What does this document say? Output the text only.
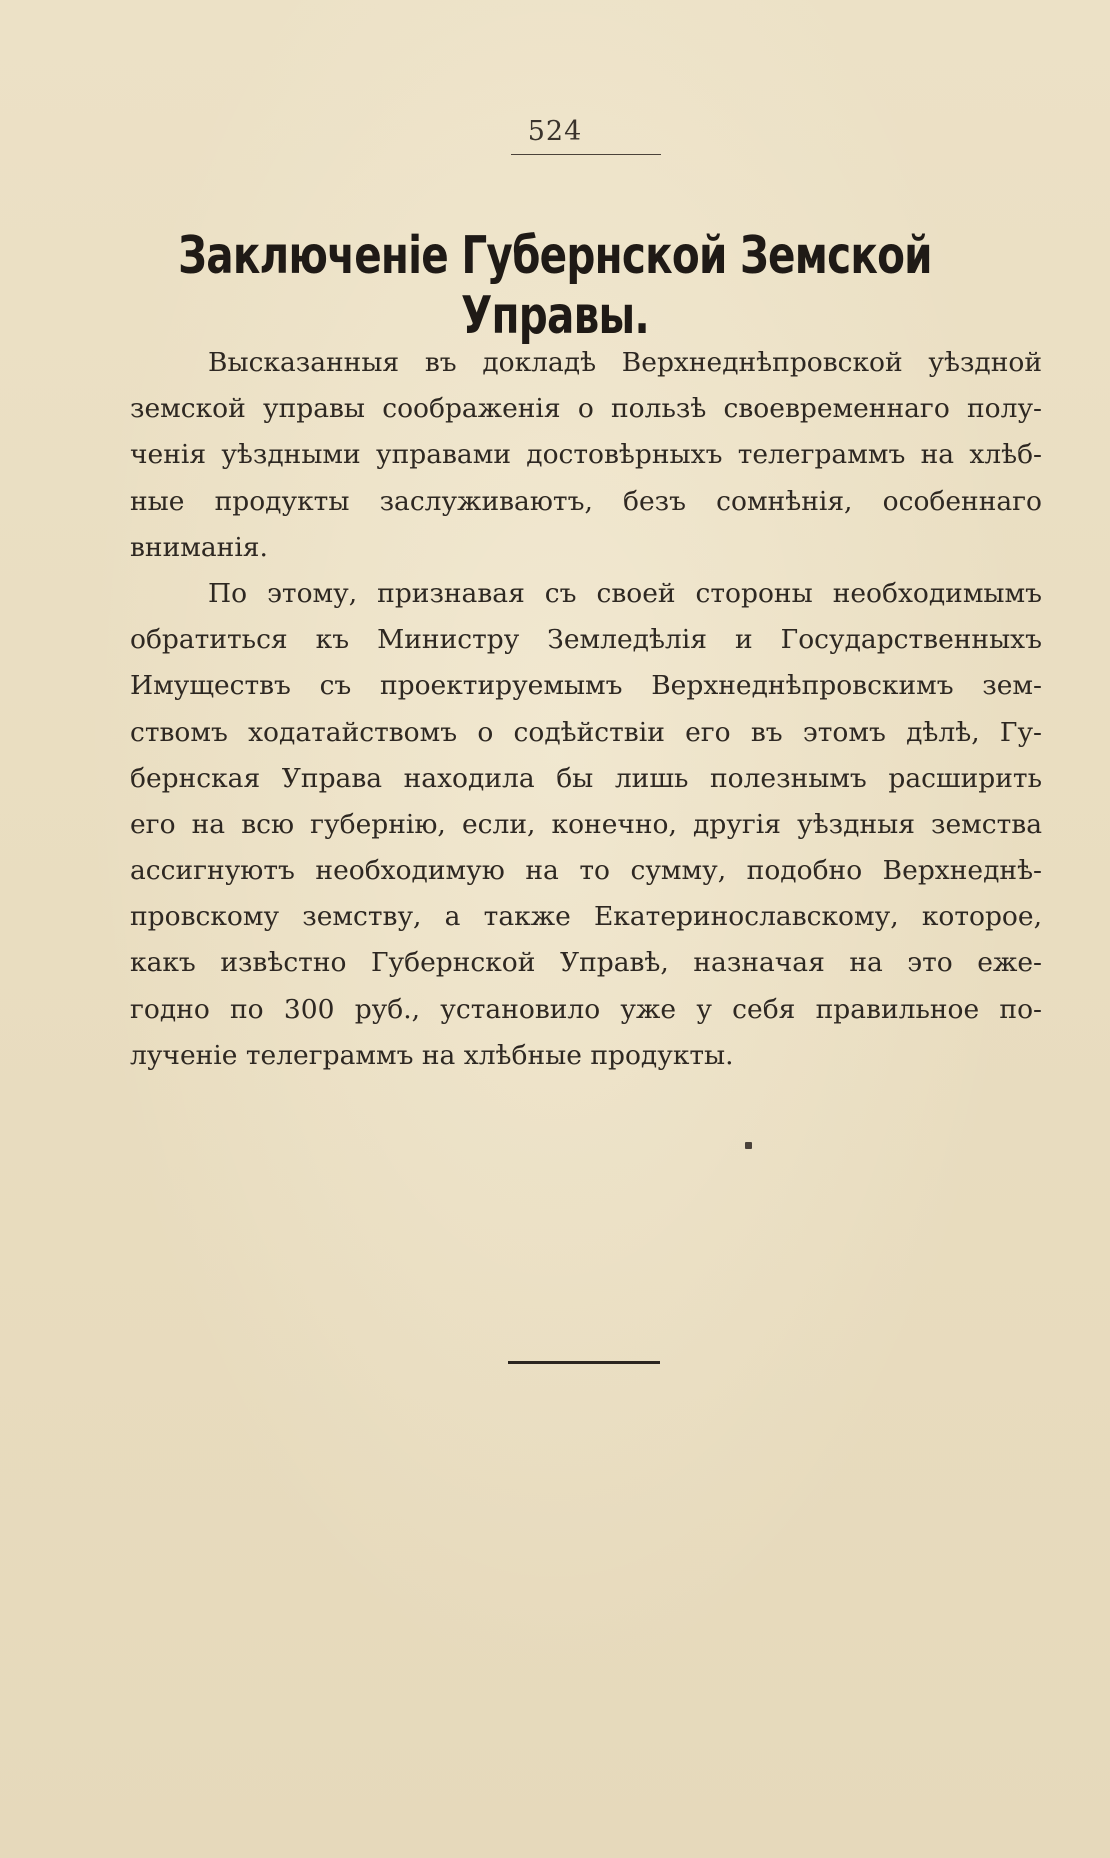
524
Заключеніе Губернской Земской Управы.

Высказанныя въ докладѣ Верхнеднѣпровской уѣздной
земской управы соображенія о пользѣ своевременнаго полу-
ченія уѣздными управами достовѣрныхъ телеграммъ на хлѣб-
ные продукты заслуживаютъ, безъ сомнѣнія, особеннаго
вниманія.

По этому, признавая съ своей стороны необходимымъ
обратиться къ Министру Земледѣлія и Государственныхъ
Имуществъ съ проектируемымъ Верхнеднѣпровскимъ зем-
ствомъ ходатайствомъ о содѣйствіи его въ этомъ дѣлѣ, Гу-
бернская Управа находила бы лишь полезнымъ расширить
его на всю губернію, если, конечно, другія уѣздныя земства
ассигнуютъ необходимую на то сумму, подобно Верхнеднѣ-
провскому земству, а также Екатеринославскому, которое,
какъ извѣстно Губернской Управѣ, назначая на это еже-
годно по 300 руб., установило уже у себя правильное по-
лученіе телеграммъ на хлѣбные продукты.
